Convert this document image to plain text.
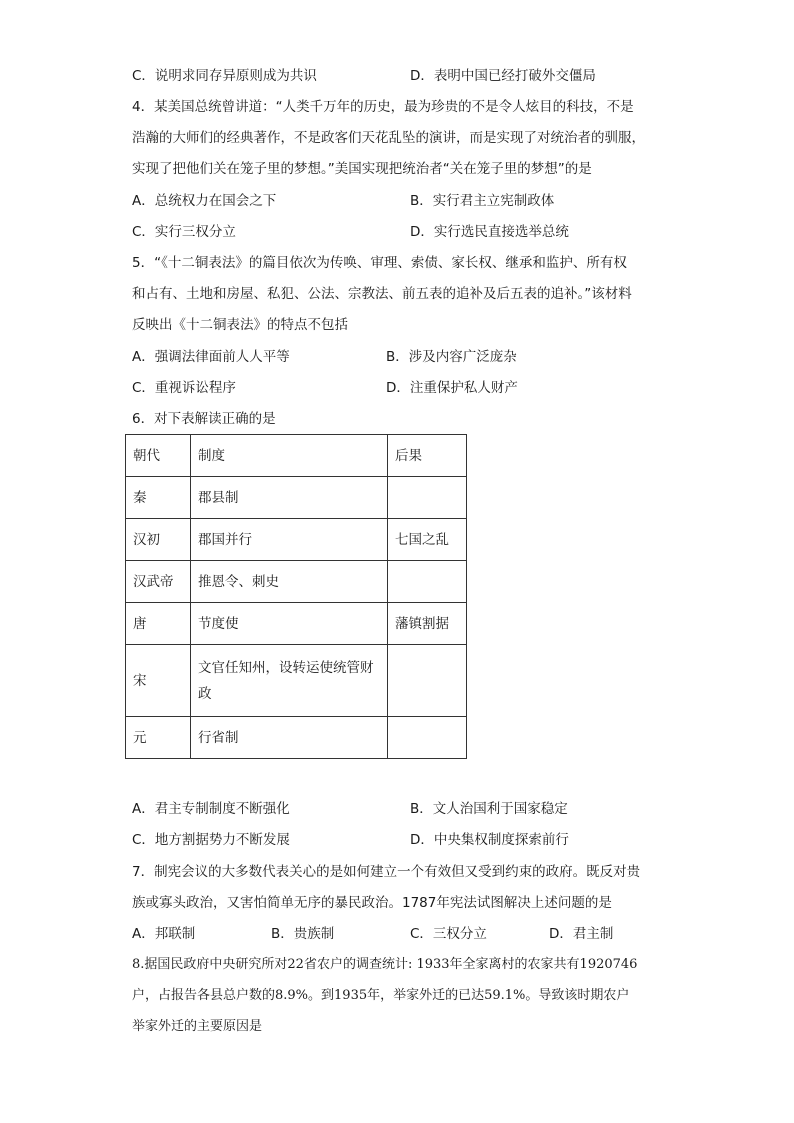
C．说明求同存异原则成为共识	D．表明中国已经打破外交僵局
4．某美国总统曾讲道：“人类千万年的历史，最为珍贵的不是令人炫目的科技，不是
浩瀚的大师们的经典著作，不是政客们天花乱坠的演讲，而是实现了对统治者的驯服，
实现了把他们关在笼子里的梦想。”美国实现把统治者“关在笼子里的梦想”的是
A．总统权力在国会之下	B．实行君主立宪制政体
C．实行三权分立	D．实行选民直接选举总统
5．“《十二铜表法》的篇目依次为传唤、审理、索债、家长权、继承和监护、所有权
和占有、土地和房屋、私犯、公法、宗教法、前五表的追补及后五表的追补。”该材料
反映出《十二铜表法》的特点不包括
A．强调法律面前人人平等	B．涉及内容广泛庞杂
C．重视诉讼程序	D．注重保护私人财产
6．对下表解读正确的是
朝代	制度	后果
秦	郡县制	
汉初	郡国并行	七国之乱
汉武帝	推恩令、刺史	
唐	节度使	藩镇割据
宋	文官任知州，设转运使统管财政	
元	行省制	
A．君主专制制度不断强化	B．文人治国利于国家稳定
C．地方割据势力不断发展	D．中央集权制度探索前行
7．制宪会议的大多数代表关心的是如何建立一个有效但又受到约束的政府。既反对贵
族或寡头政治，又害怕简单无序的暴民政治。1787年宪法试图解决上述问题的是
A．邦联制	B．贵族制	C．三权分立	D．君主制
8.据国民政府中央研究所对22省农户的调查统计: 1933年全家离村的农家共有1920746
户，占报告各县总户数的8.9%。到1935年，举家外迁的已达59.1%。导致该时期农户
举家外迁的主要原因是
